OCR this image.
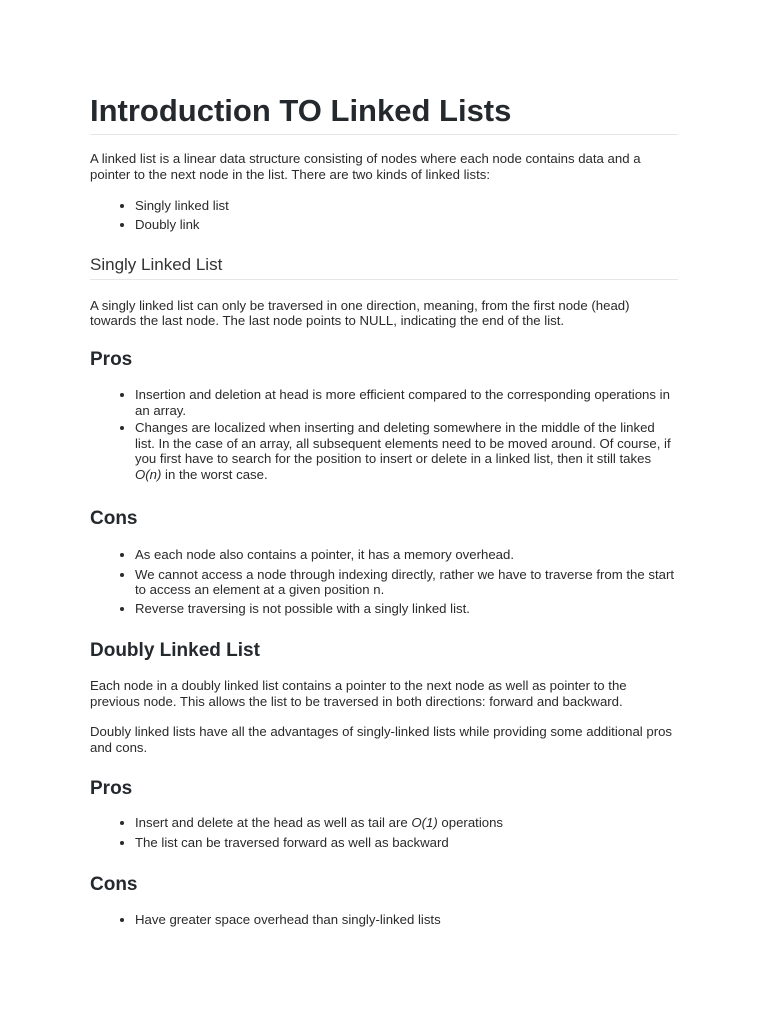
Introduction TO Linked Lists

A linked list is a linear data structure consisting of nodes where each node contains data and a pointer to the next node in the list. There are two kinds of linked lists:

• Singly linked list
• Doubly link
Singly Linked List

A singly linked list can only be traversed in one direction, meaning, from the first node (head) towards the last node. The last node points to NULL, indicating the end of the list.

Pros
• Insertion and deletion at head is more efficient compared to the corresponding operations in an array.
• Changes are localized when inserting and deleting somewhere in the middle of the linked list. In the case of an array, all subsequent elements need to be moved around. Of course, if you first have to search for the position to insert or delete in a linked list, then it still takes O(n) in the worst case.
Cons
• As each node also contains a pointer, it has a memory overhead.
• We cannot access a node through indexing directly, rather we have to traverse from the start to access an element at a given position n.
• Reverse traversing is not possible with a singly linked list.
Doubly Linked List

Each node in a doubly linked list contains a pointer to the next node as well as pointer to the previous node. This allows the list to be traversed in both directions: forward and backward.

Doubly linked lists have all the advantages of singly-linked lists while providing some additional pros and cons.

Pros
• Insert and delete at the head as well as tail are O(1) operations
• The list can be traversed forward as well as backward
Cons
• Have greater space overhead than singly-linked lists
